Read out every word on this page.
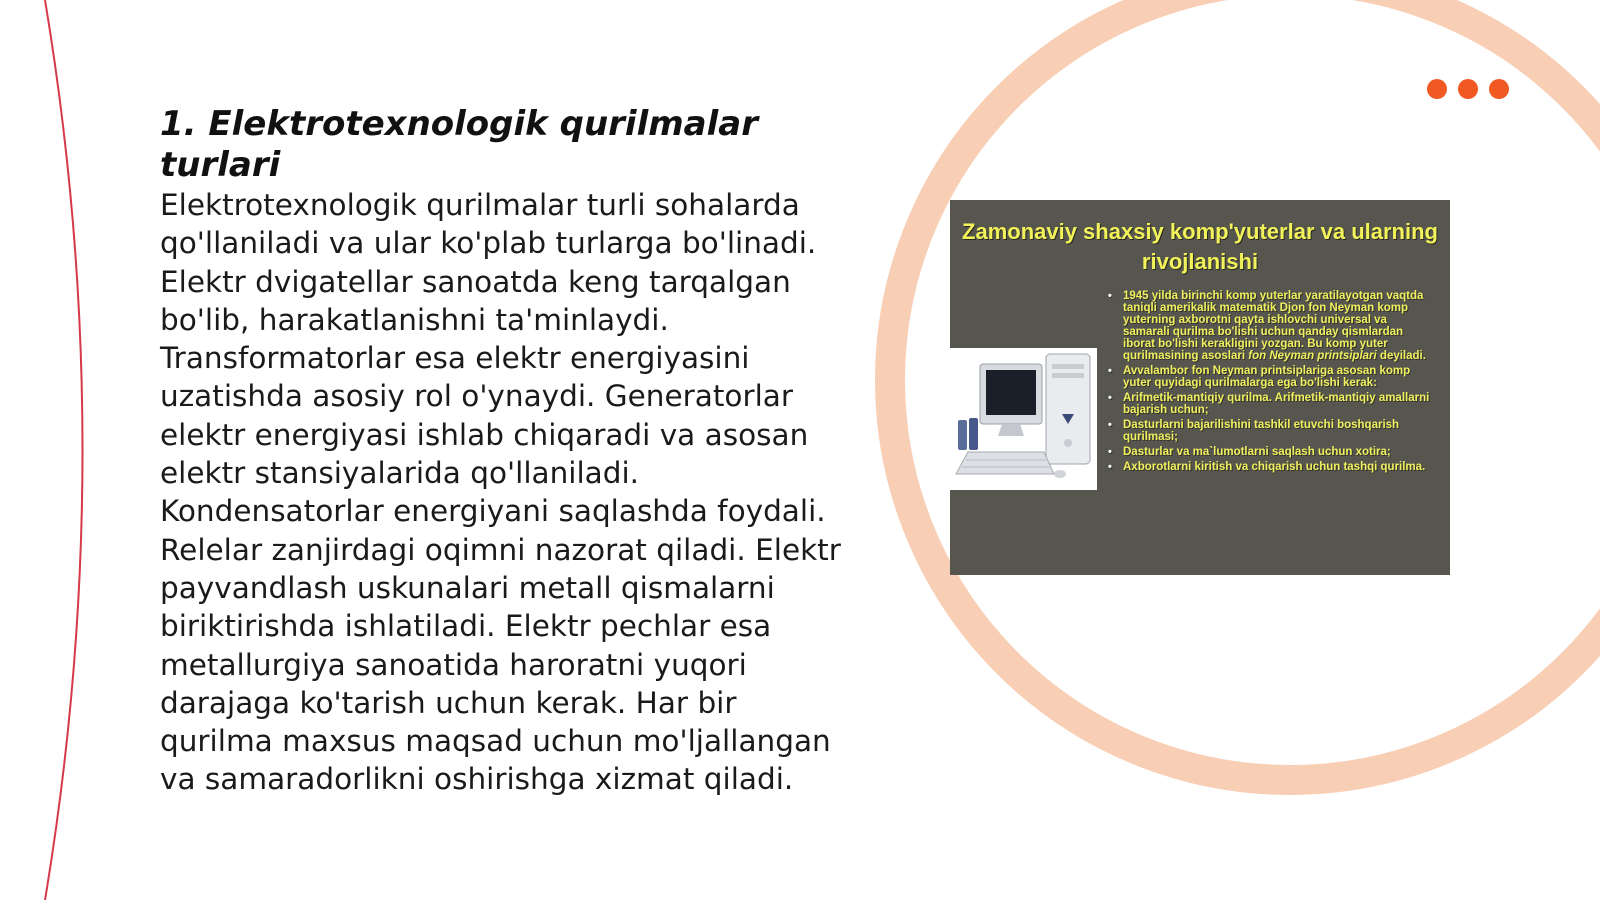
1. Elektrotexnologik qurilmalar turlari

Elektrotexnologik qurilmalar turli sohalarda qo'llaniladi va ular ko'plab turlarga bo'linadi. Elektr dvigatellar sanoatda keng tarqalgan bo'lib, harakatlanishni ta'minlaydi. Transformatorlar esa elektr energiyasini uzatishda asosiy rol o'ynaydi. Generatorlar elektr energiyasi ishlab chiqaradi va asosan elektr stansiyalarida qo'llaniladi. Kondensatorlar energiyani saqlashda foydali. Relelar zanjirdagi oqimni nazorat qiladi. Elektr payvandlash uskunalari metall qismalarni biriktirishda ishlatiladi. Elektr pechlar esa metallurgiya sanoatida haroratni yuqori darajaga ko'tarish uchun kerak. Har bir qurilma maxsus maqsad uchun mo'ljallangan va samaradorlikni oshirishga xizmat qiladi.

Zamonaviy shaxsiy komp'yuterlar va ularning rivojlanishi
• 1945 yilda birinchi komp yuterlar yaratilayotgan vaqtda taniqli amerikalik matematik Djon fon Neyman komp yuterning axborotni qayta ishlovchi universal va samarali qurilma bo'lishi uchun qanday qismlardan iborat bo'lishi kerakligini yozgan. Bu komp yuter qurilmasining asoslari fon Neyman printsiplari deyiladi.
• Avvalambor fon Neyman printsiplariga asosan komp yuter quyidagi qurilmalarga ega bo'lishi kerak:
• Arifmetik-mantiqiy qurilma. Arifmetik-mantiqiy amallarni bajarish uchun;
• Dasturlarni bajarilishini tashkil etuvchi boshqarish qurilmasi;
• Dasturlar va ma`lumotlarni saqlash uchun xotira;
• Axborotlarni kiritish va chiqarish uchun tashqi qurilma.
